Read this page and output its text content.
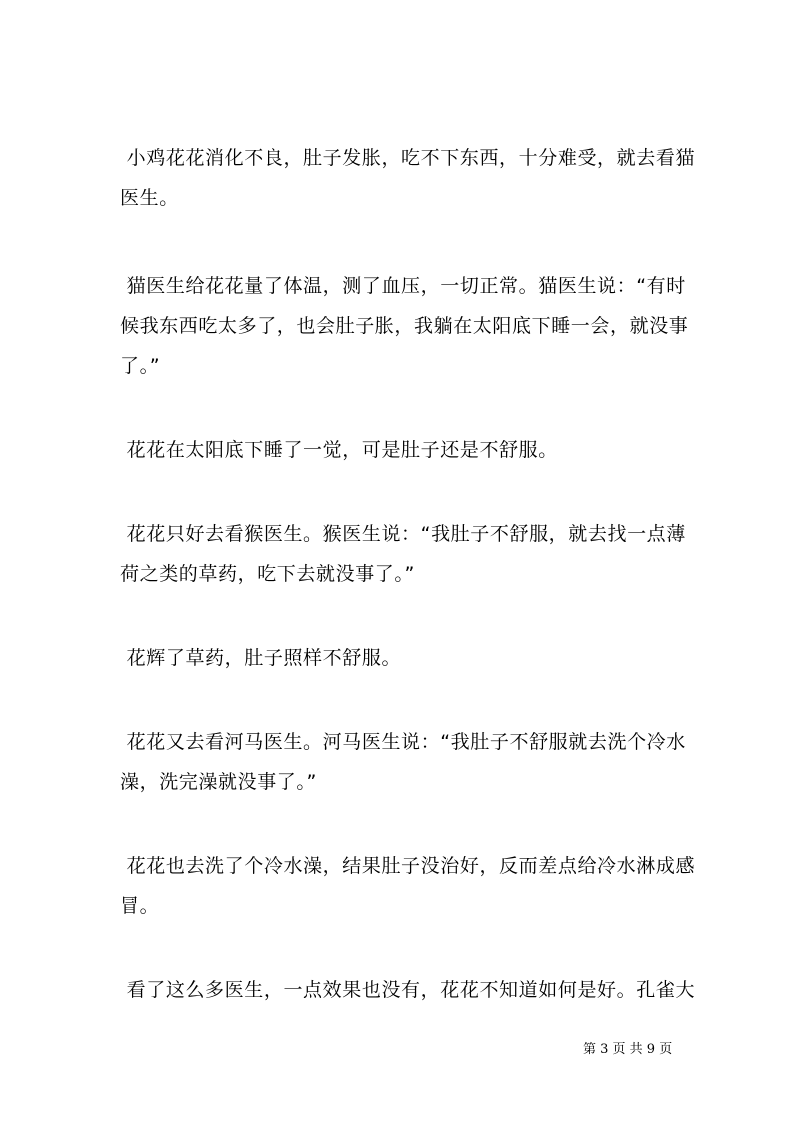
小鸡花花消化不良，肚子发胀，吃不下东西，十分难受，就去看猫
医生。

猫医生给花花量了体温，测了血压，一切正常。猫医生说：“有时
候我东西吃太多了，也会肚子胀，我躺在太阳底下睡一会，就没事
了。”

花花在太阳底下睡了一觉，可是肚子还是不舒服。

花花只好去看猴医生。猴医生说：“我肚子不舒服，就去找一点薄
荷之类的草药，吃下去就没事了。”

花辉了草药，肚子照样不舒服。

花花又去看河马医生。河马医生说：“我肚子不舒服就去洗个冷水
澡，洗完澡就没事了。”

花花也去洗了个冷水澡，结果肚子没治好，反而差点给冷水淋成感
冒。

看了这么多医生，一点效果也没有，花花不知道如何是好。孔雀大

第 3 页 共 9 页
